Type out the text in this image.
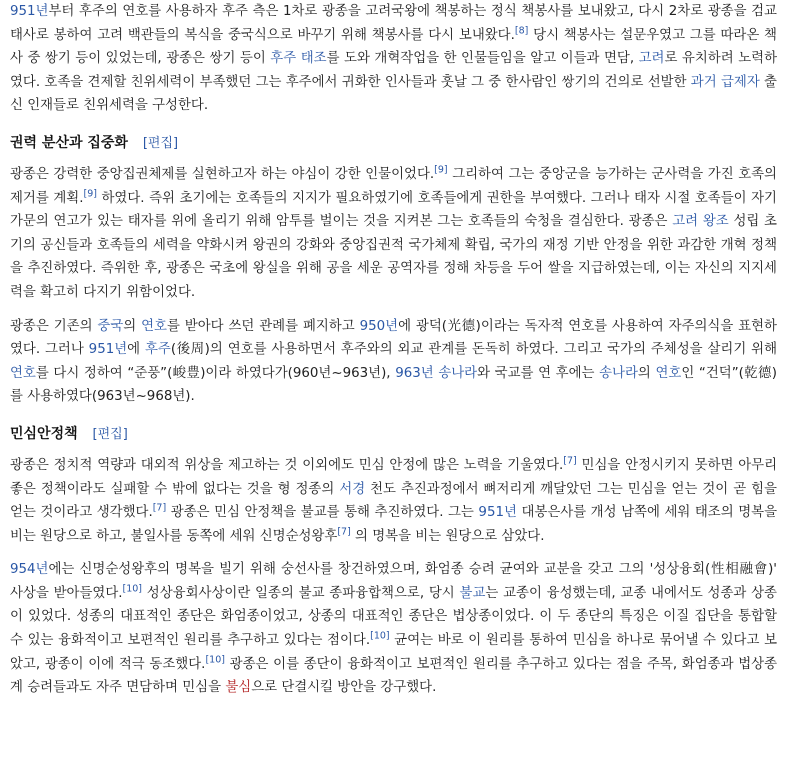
951년부터 후주의 연호를 사용하자 후주 측은 1차로 광종을 고려국왕에 책봉하는 정식 책봉사를 보내왔고, 다시 2차로 광종을 검교태사로 봉하여 고려 백관들의 복식을 중국식으로 바꾸기 위해 책봉사를 다시 보내왔다.[8] 당시 책봉사는 설문우였고 그를 따라온 책사 중 쌍기 등이 있었는데, 광종은 쌍기 등이 후주 태조를 도와 개혁작업을 한 인물들임을 알고 이들과 면담, 고려로 유치하려 노력하였다. 호족을 견제할 친위세력이 부족했던 그는 후주에서 귀화한 인사들과 훗날 그 중 한사람인 쌍기의 건의로 선발한 과거 급제자 출신 인재들로 친위세력을 구성한다.

권력 분산과 집중화 [편집]

광종은 강력한 중앙집권체제를 실현하고자 하는 야심이 강한 인물이었다.[9] 그리하여 그는 중앙군을 능가하는 군사력을 가진 호족의 제거를 계획.[9] 하였다. 즉위 초기에는 호족들의 지지가 필요하였기에 호족들에게 권한을 부여했다. 그러나 태자 시절 호족들이 자기 가문의 연고가 있는 태자를 위에 올리기 위해 암투를 벌이는 것을 지켜본 그는 호족들의 숙청을 결심한다. 광종은 고려 왕조 성립 초기의 공신들과 호족들의 세력을 약화시켜 왕권의 강화와 중앙집권적 국가체제 확립, 국가의 재정 기반 안정을 위한 과감한 개혁 정책을 추진하였다. 즉위한 후, 광종은 국초에 왕실을 위해 공을 세운 공역자를 정해 차등을 두어 쌀을 지급하였는데, 이는 자신의 지지세력을 확고히 다지기 위함이었다.

광종은 기존의 중국의 연호를 받아다 쓰던 관례를 폐지하고 950년에 광덕(光德)이라는 독자적 연호를 사용하여 자주의식을 표현하였다. 그러나 951년에 후주(後周)의 연호를 사용하면서 후주와의 외교 관계를 돈독히 하였다. 그리고 국가의 주체성을 살리기 위해 연호를 다시 정하여 “준풍”(峻豊)이라 하였다가(960년~963년), 963년 송나라와 국교를 연 후에는 송나라의 연호인 “건덕”(乾德)를 사용하였다(963년~968년).

민심안정책 [편집]

광종은 정치적 역량과 대외적 위상을 제고하는 것 이외에도 민심 안정에 많은 노력을 기울였다.[7] 민심을 안정시키지 못하면 아무리 좋은 정책이라도 실패할 수 밖에 없다는 것을 형 정종의 서경 천도 추진과정에서 뼈저리게 깨달았던 그는 민심을 얻는 것이 곧 힘을 얻는 것이라고 생각했다.[7] 광종은 민심 안정책을 불교를 통해 추진하였다. 그는 951년 대봉은사를 개성 남쪽에 세워 태조의 명복을 비는 원당으로 하고, 불일사를 동쪽에 세워 신명순성왕후[7] 의 명복을 비는 원당으로 삼았다.

954년에는 신명순성왕후의 명복을 빌기 위해 숭선사를 창건하였으며, 화엄종 승려 균여와 교분을 갖고 그의 '성상융회(性相融會)' 사상을 받아들였다.[10] 성상융회사상이란 일종의 불교 종파융합책으로, 당시 불교는 교종이 융성했는데, 교종 내에서도 성종과 상종이 있었다. 성종의 대표적인 종단은 화엄종이었고, 상종의 대표적인 종단은 법상종이었다. 이 두 종단의 특징은 이질 집단을 통합할 수 있는 융화적이고 보편적인 원리를 추구하고 있다는 점이다.[10] 균여는 바로 이 원리를 통하여 민심을 하나로 묶어낼 수 있다고 보았고, 광종이 이에 적극 동조했다.[10] 광종은 이를 종단이 융화적이고 보편적인 원리를 추구하고 있다는 점을 주목, 화엄종과 법상종계 승려들과도 자주 면담하며 민심을 불심으로 단결시킬 방안을 강구했다.
